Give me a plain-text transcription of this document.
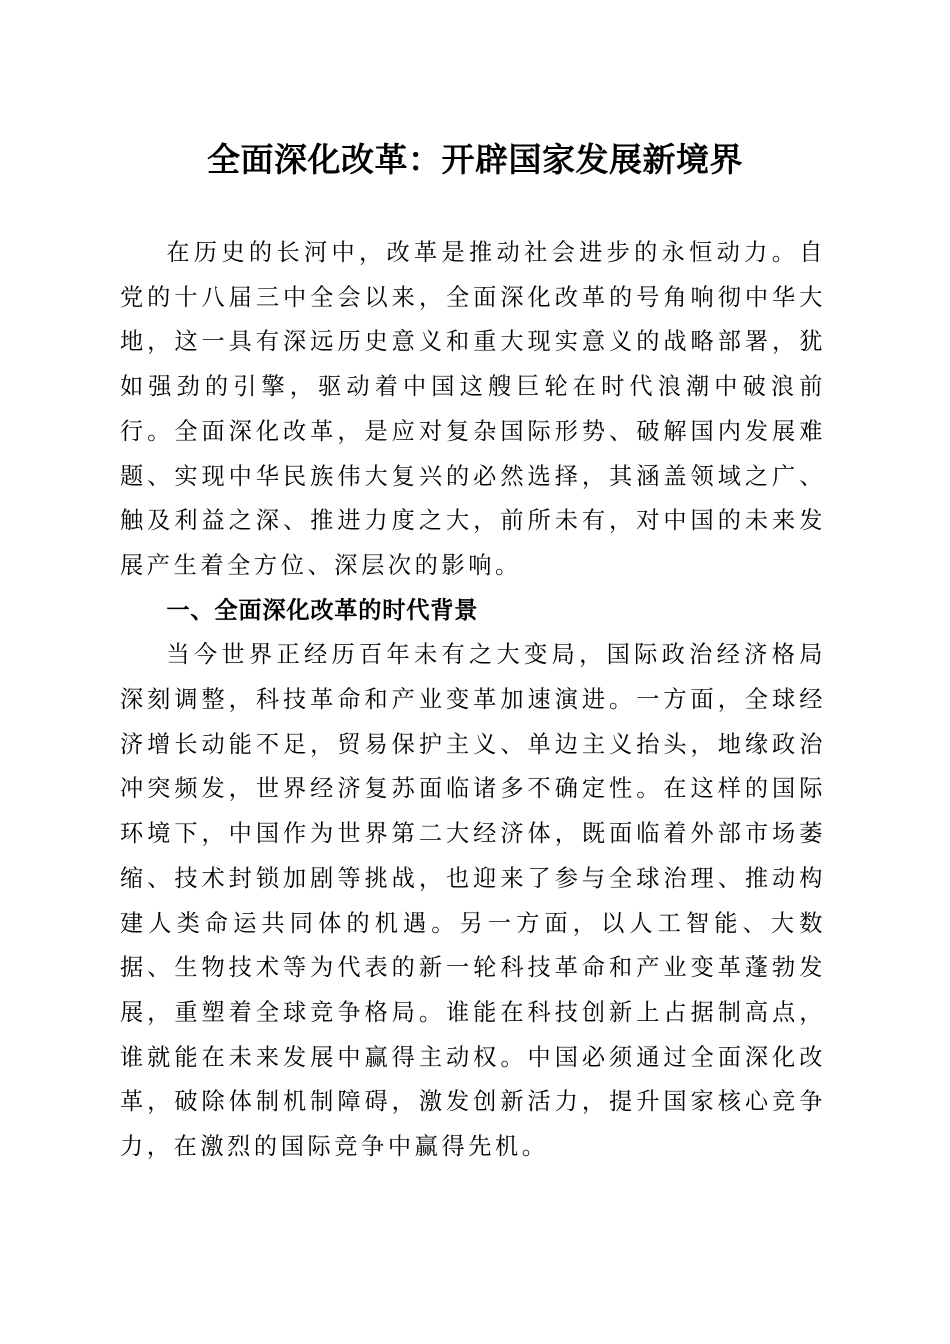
全面深化改革：开辟国家发展新境界

在历史的长河中，改革是推动社会进步的永恒动力。自党的十八届三中全会以来，全面深化改革的号角响彻中华大地，这一具有深远历史意义和重大现实意义的战略部署，犹如强劲的引擎，驱动着中国这艘巨轮在时代浪潮中破浪前行。全面深化改革，是应对复杂国际形势、破解国内发展难题、实现中华民族伟大复兴的必然选择，其涵盖领域之广、触及利益之深、推进力度之大，前所未有，对中国的未来发展产生着全方位、深层次的影响。

一、全面深化改革的时代背景

当今世界正经历百年未有之大变局，国际政治经济格局深刻调整，科技革命和产业变革加速演进。一方面，全球经济增长动能不足，贸易保护主义、单边主义抬头，地缘政治冲突频发，世界经济复苏面临诸多不确定性。在这样的国际环境下，中国作为世界第二大经济体，既面临着外部市场萎缩、技术封锁加剧等挑战，也迎来了参与全球治理、推动构建人类命运共同体的机遇。另一方面，以人工智能、大数据、生物技术等为代表的新一轮科技革命和产业变革蓬勃发展，重塑着全球竞争格局。谁能在科技创新上占据制高点，谁就能在未来发展中赢得主动权。中国必须通过全面深化改革，破除体制机制障碍，激发创新活力，提升国家核心竞争力，在激烈的国际竞争中赢得先机。
